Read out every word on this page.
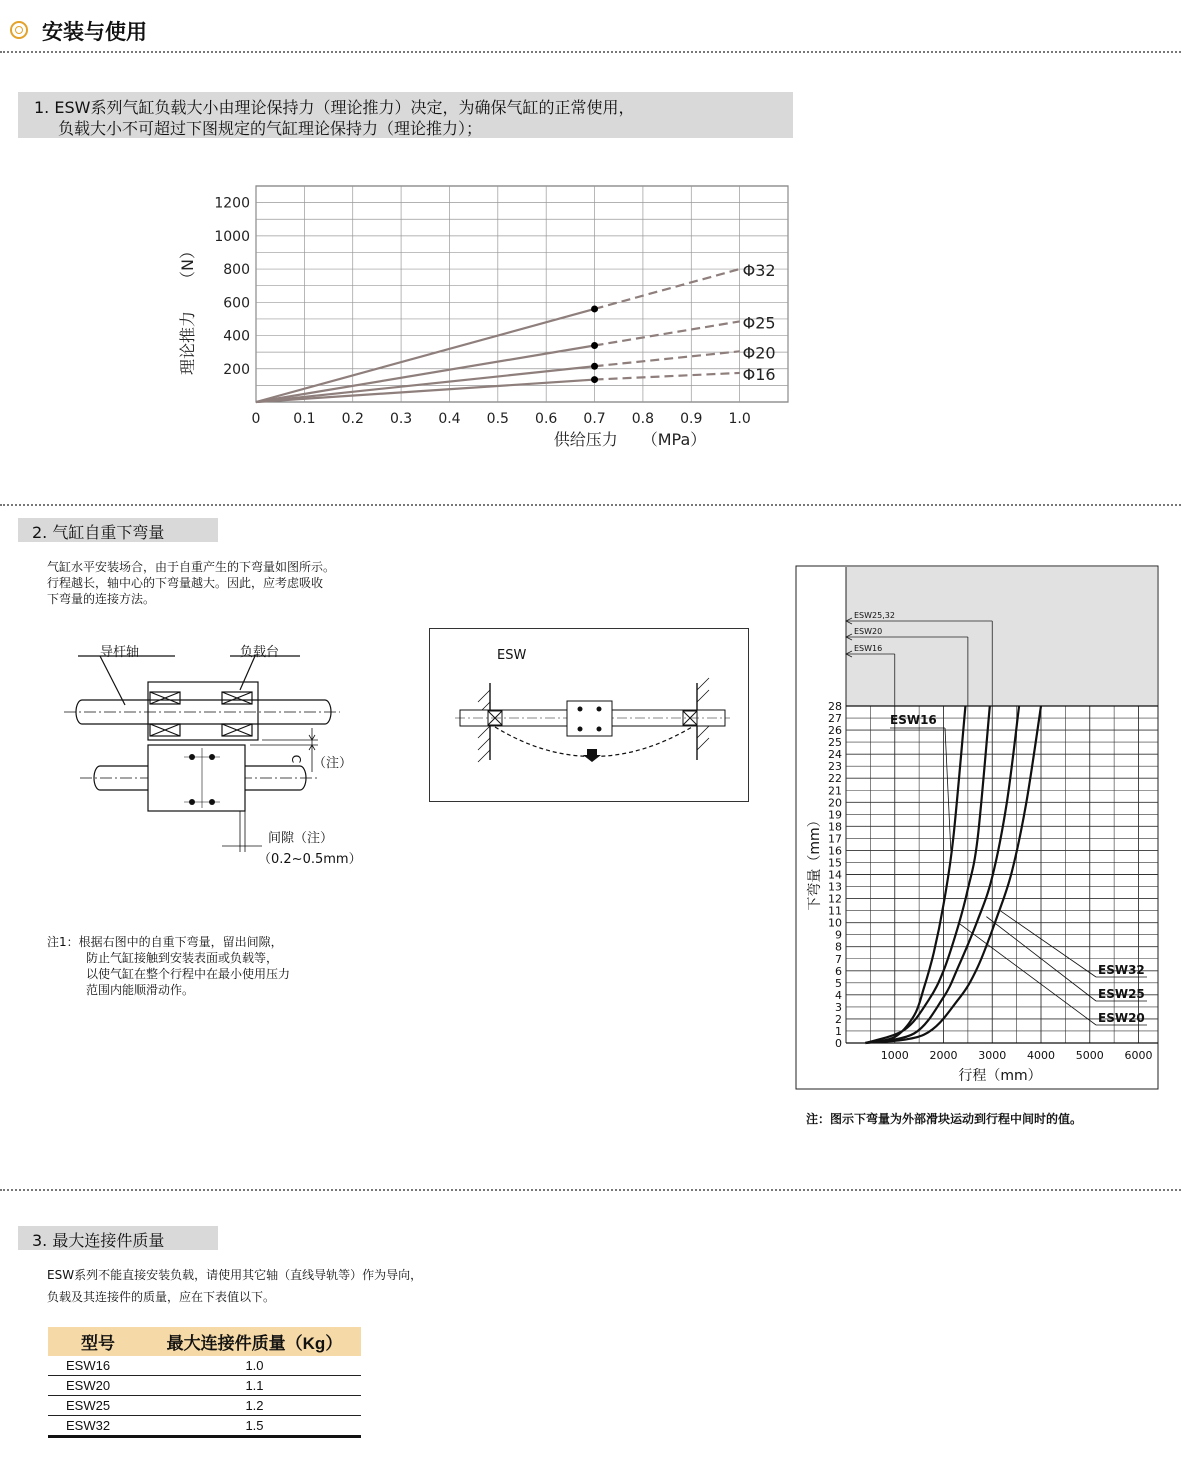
安装与使用
1. ESW系列气缸负载大小由理论保持力（理论推力）决定，为确保气缸的正常使用，
负载大小不可超过下图规定的气缸理论保持力（理论推力）；
0 0.1 0.2 0.3 0.4 0.5 0.6 0.7 0.8 0.9 1.0
200
400
600
800
1000
1200
供给压力　　（MPa）
理论推力　　（N）	Φ32
Φ25
Φ20
Φ16
2. 气缸自重下弯量
气缸水平安装场合，由于自重产生的下弯量如图所示。
行程越长，轴中心的下弯量越大。因此，应考虑吸收
下弯量的连接方法。
导杆轴	负载台
C （注）
间隙（注）
（0.2~0.5mm）
ESW
注1：根据右图中的自重下弯量，留出间隙，
防止气缸接触到安装表面或负载等，
以使气缸在整个行程中在最小使用压力
范围内能顺滑动作。
ESW25,32
ESW20
ESW16
0
1
2
3
4
5
6
7
8
9
10
11
12
13
14
15
16
17
18
19
20
21
22
23
24
25
26
27
28
1000 2000 3000 4000 5000 6000
行程（mm）
下弯量（mm）
ESW16
ESW32
ESW25
ESW20
注：图示下弯量为外部滑块运动到行程中间时的值。
3. 最大连接件质量
ESW系列不能直接安装负载，请使用其它轴（直线导轨等）作为导向，
负载及其连接件的质量，应在下表值以下。
型号	最大连接件质量（Kg）
ESW16	1.0
ESW20	1.1
ESW25	1.2
ESW32	1.5
